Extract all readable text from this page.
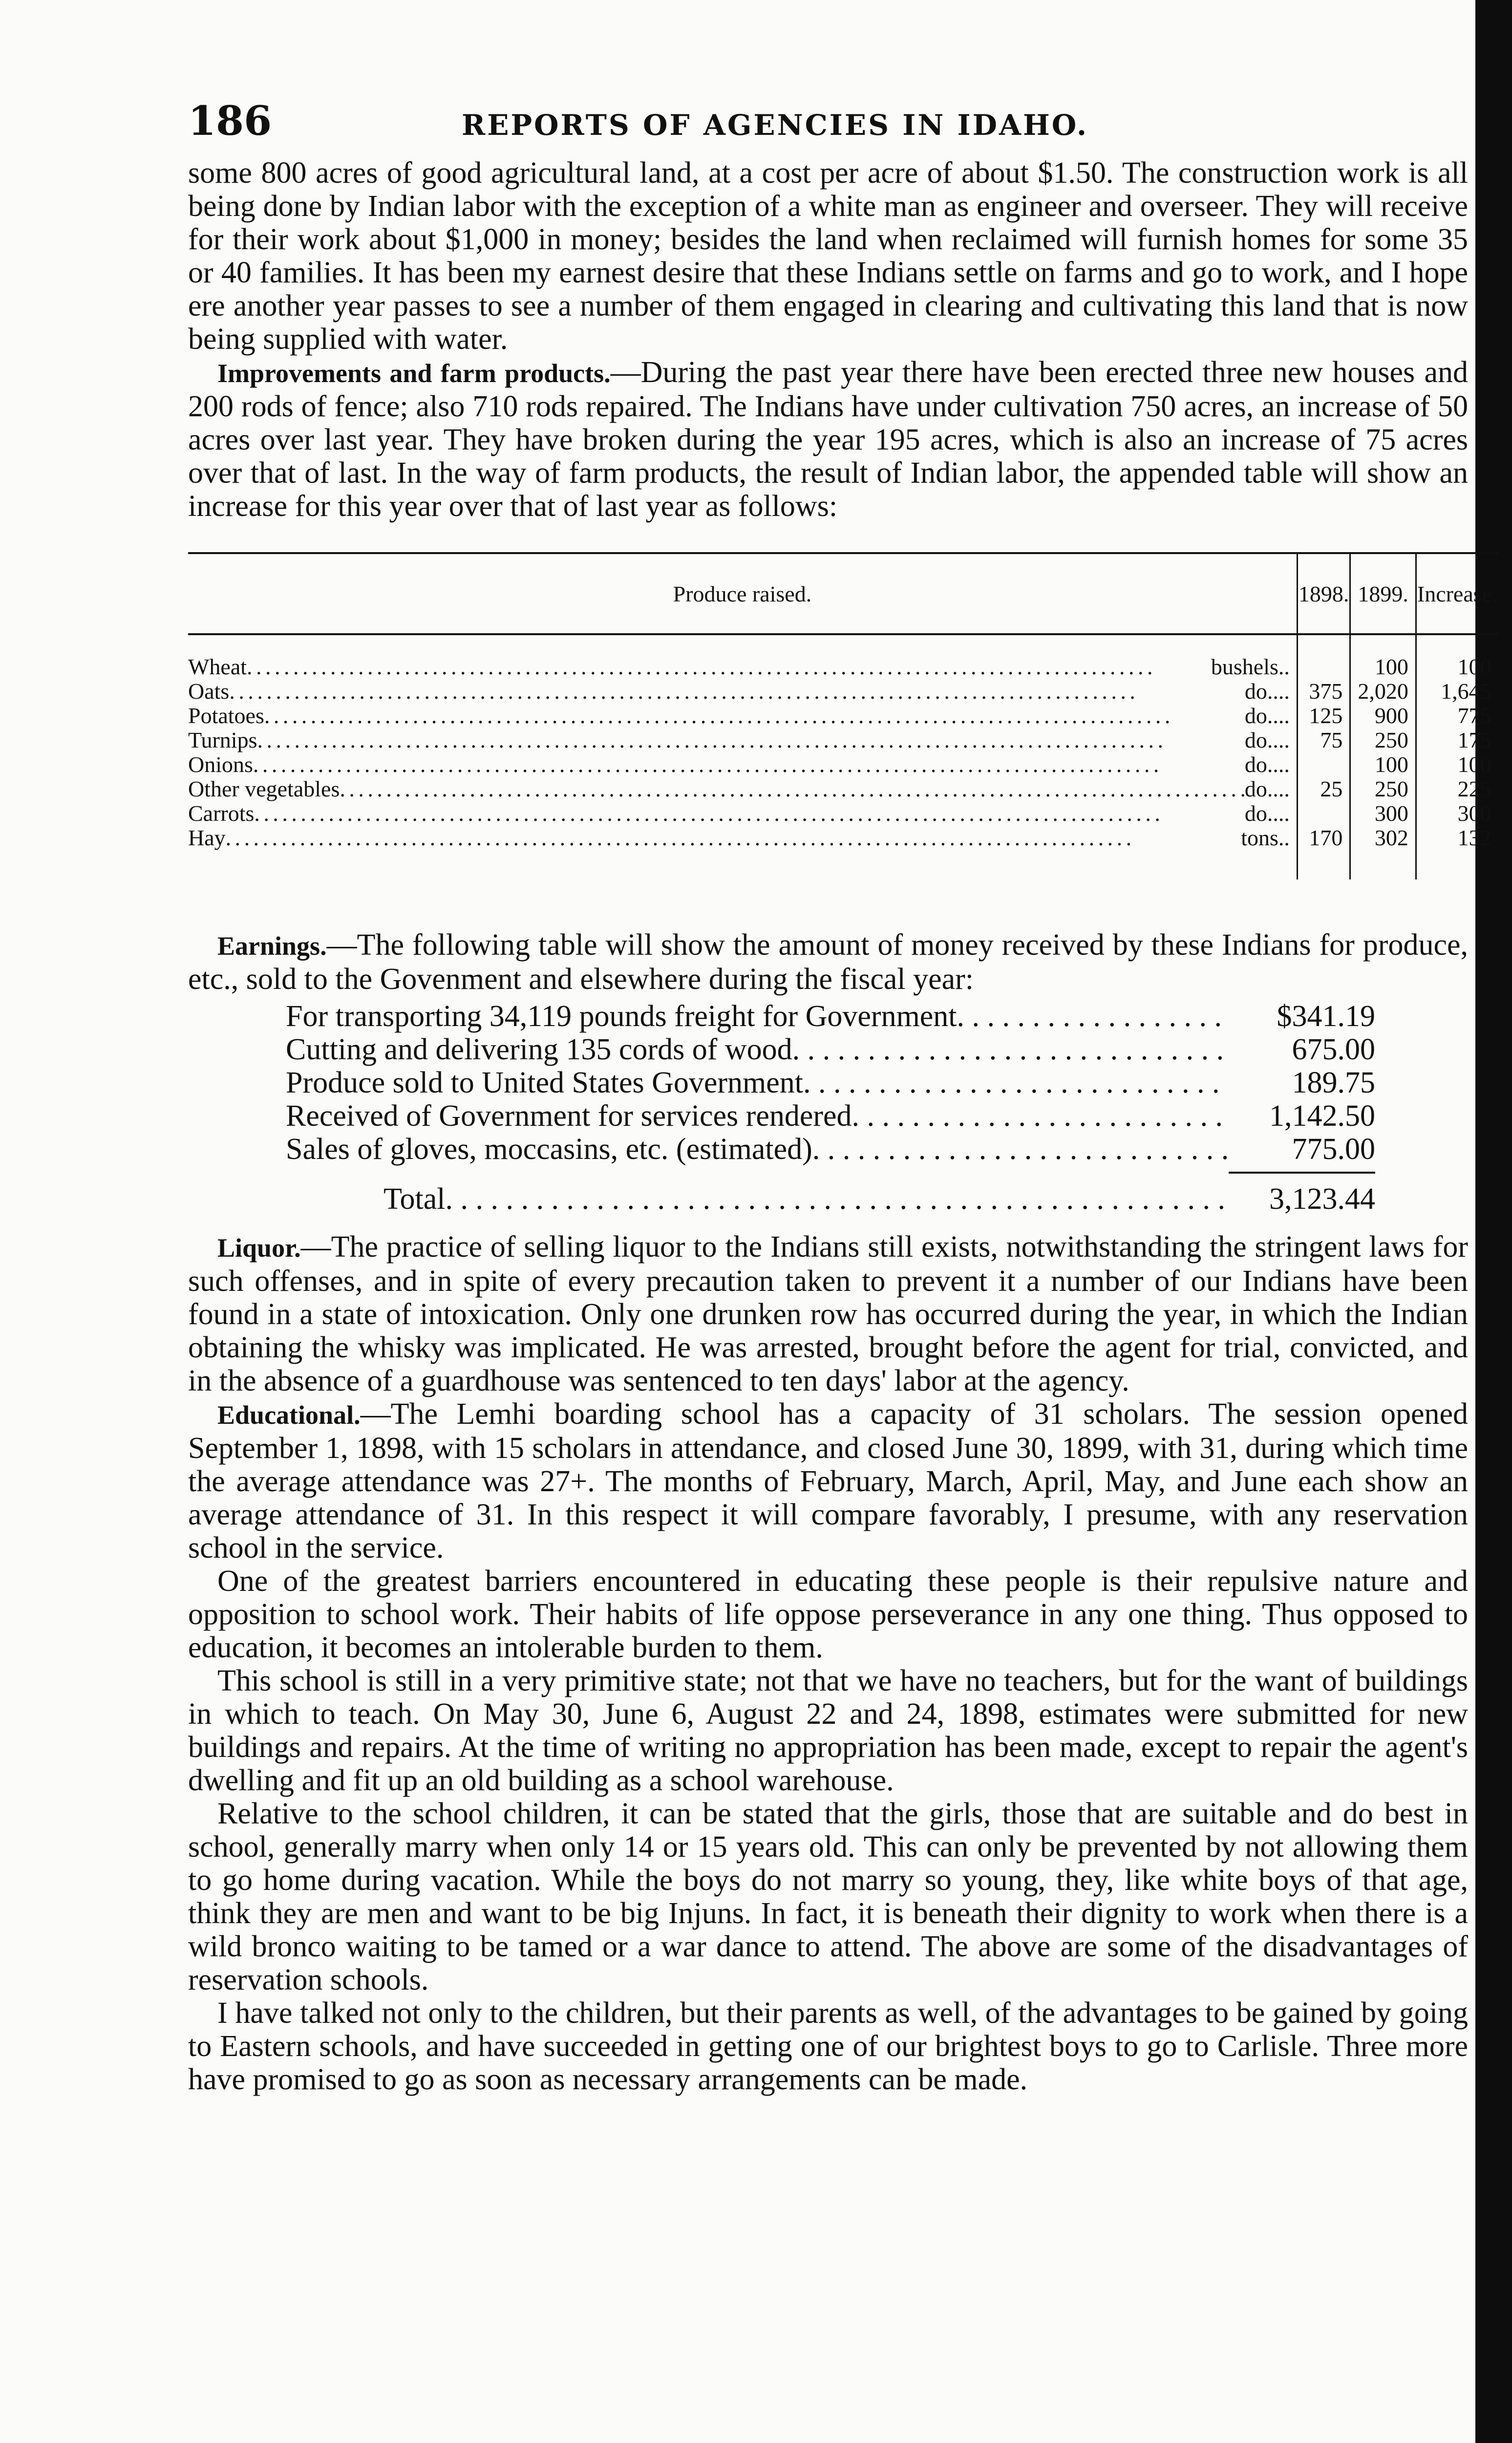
186	REPORTS OF AGENCIES IN IDAHO.

some 800 acres of good agricultural land, at a cost per acre of about $1.50. The construction work is all being done by Indian labor with the exception of a white man as engineer and overseer. They will receive for their work about $1,000 in money; besides the land when reclaimed will furnish homes for some 35 or 40 families. It has been my earnest desire that these Indians settle on farms and go to work, and I hope ere another year passes to see a number of them engaged in clearing and cultivating this land that is now being supplied with water.

Improvements and farm products.—During the past year there have been erected three new houses and 200 rods of fence; also 710 rods repaired. The Indians have under cultivation 750 acres, an increase of 50 acres over last year. They have broken during the year 195 acres, which is also an increase of 75 acres over that of last. In the way of farm products, the result of Indian labor, the appended table will show an increase for this year over that of last year as follows:

Produce raised.	1898.	1899.	Increase.

Wheat . . . bushels..		100	100

Oats . . . do....	375	2,020	1,645

Potatoes . . . do....	125	900	775

Turnips . . . do....	75	250	175

Onions . . . do....		100	100

Other vegetables . . . do....	25	250	225

Carrots . . . do....		300	300

Hay . . . tons..	170	302	132

Earnings.—The following table will show the amount of money received by these Indians for produce, etc., sold to the Govenment and elsewhere during the fiscal year:

For transporting 34,119 pounds freight for Government . . .	$341.19
Cutting and delivering 135 cords of wood . . .	675.00
Produce sold to United States Government . . .	189.75
Received of Government for services rendered . . .	1,142.50
Sales of gloves, moccasins, etc. (estimated) . . .	775.00
Total . . .	3,123.44

Liquor.—The practice of selling liquor to the Indians still exists, notwithstanding the stringent laws for such offenses, and in spite of every precaution taken to prevent it a number of our Indians have been found in a state of intoxication. Only one drunken row has occurred during the year, in which the Indian obtaining the whisky was implicated. He was arrested, brought before the agent for trial, convicted, and in the absence of a guardhouse was sentenced to ten days' labor at the agency.

Educational.—The Lemhi boarding school has a capacity of 31 scholars. The session opened September 1, 1898, with 15 scholars in attendance, and closed June 30, 1899, with 31, during which time the average attendance was 27+. The months of February, March, April, May, and June each show an average attendance of 31. In this respect it will compare favorably, I presume, with any reservation school in the service.

One of the greatest barriers encountered in educating these people is their repulsive nature and opposition to school work. Their habits of life oppose perseverance in any one thing. Thus opposed to education, it becomes an intolerable burden to them.

This school is still in a very primitive state; not that we have no teachers, but for the want of buildings in which to teach. On May 30, June 6, August 22 and 24, 1898, estimates were submitted for new buildings and repairs. At the time of writing no appropriation has been made, except to repair the agent's dwelling and fit up an old building as a school warehouse.

Relative to the school children, it can be stated that the girls, those that are suitable and do best in school, generally marry when only 14 or 15 years old. This can only be prevented by not allowing them to go home during vacation. While the boys do not marry so young, they, like white boys of that age, think they are men and want to be big Injuns. In fact, it is beneath their dignity to work when there is a wild bronco waiting to be tamed or a war dance to attend. The above are some of the disadvantages of reservation schools.

I have talked not only to the children, but their parents as well, of the advantages to be gained by going to Eastern schools, and have succeeded in getting one of our brightest boys to go to Carlisle. Three more have promised to go as soon as necessary arrangements can be made.
